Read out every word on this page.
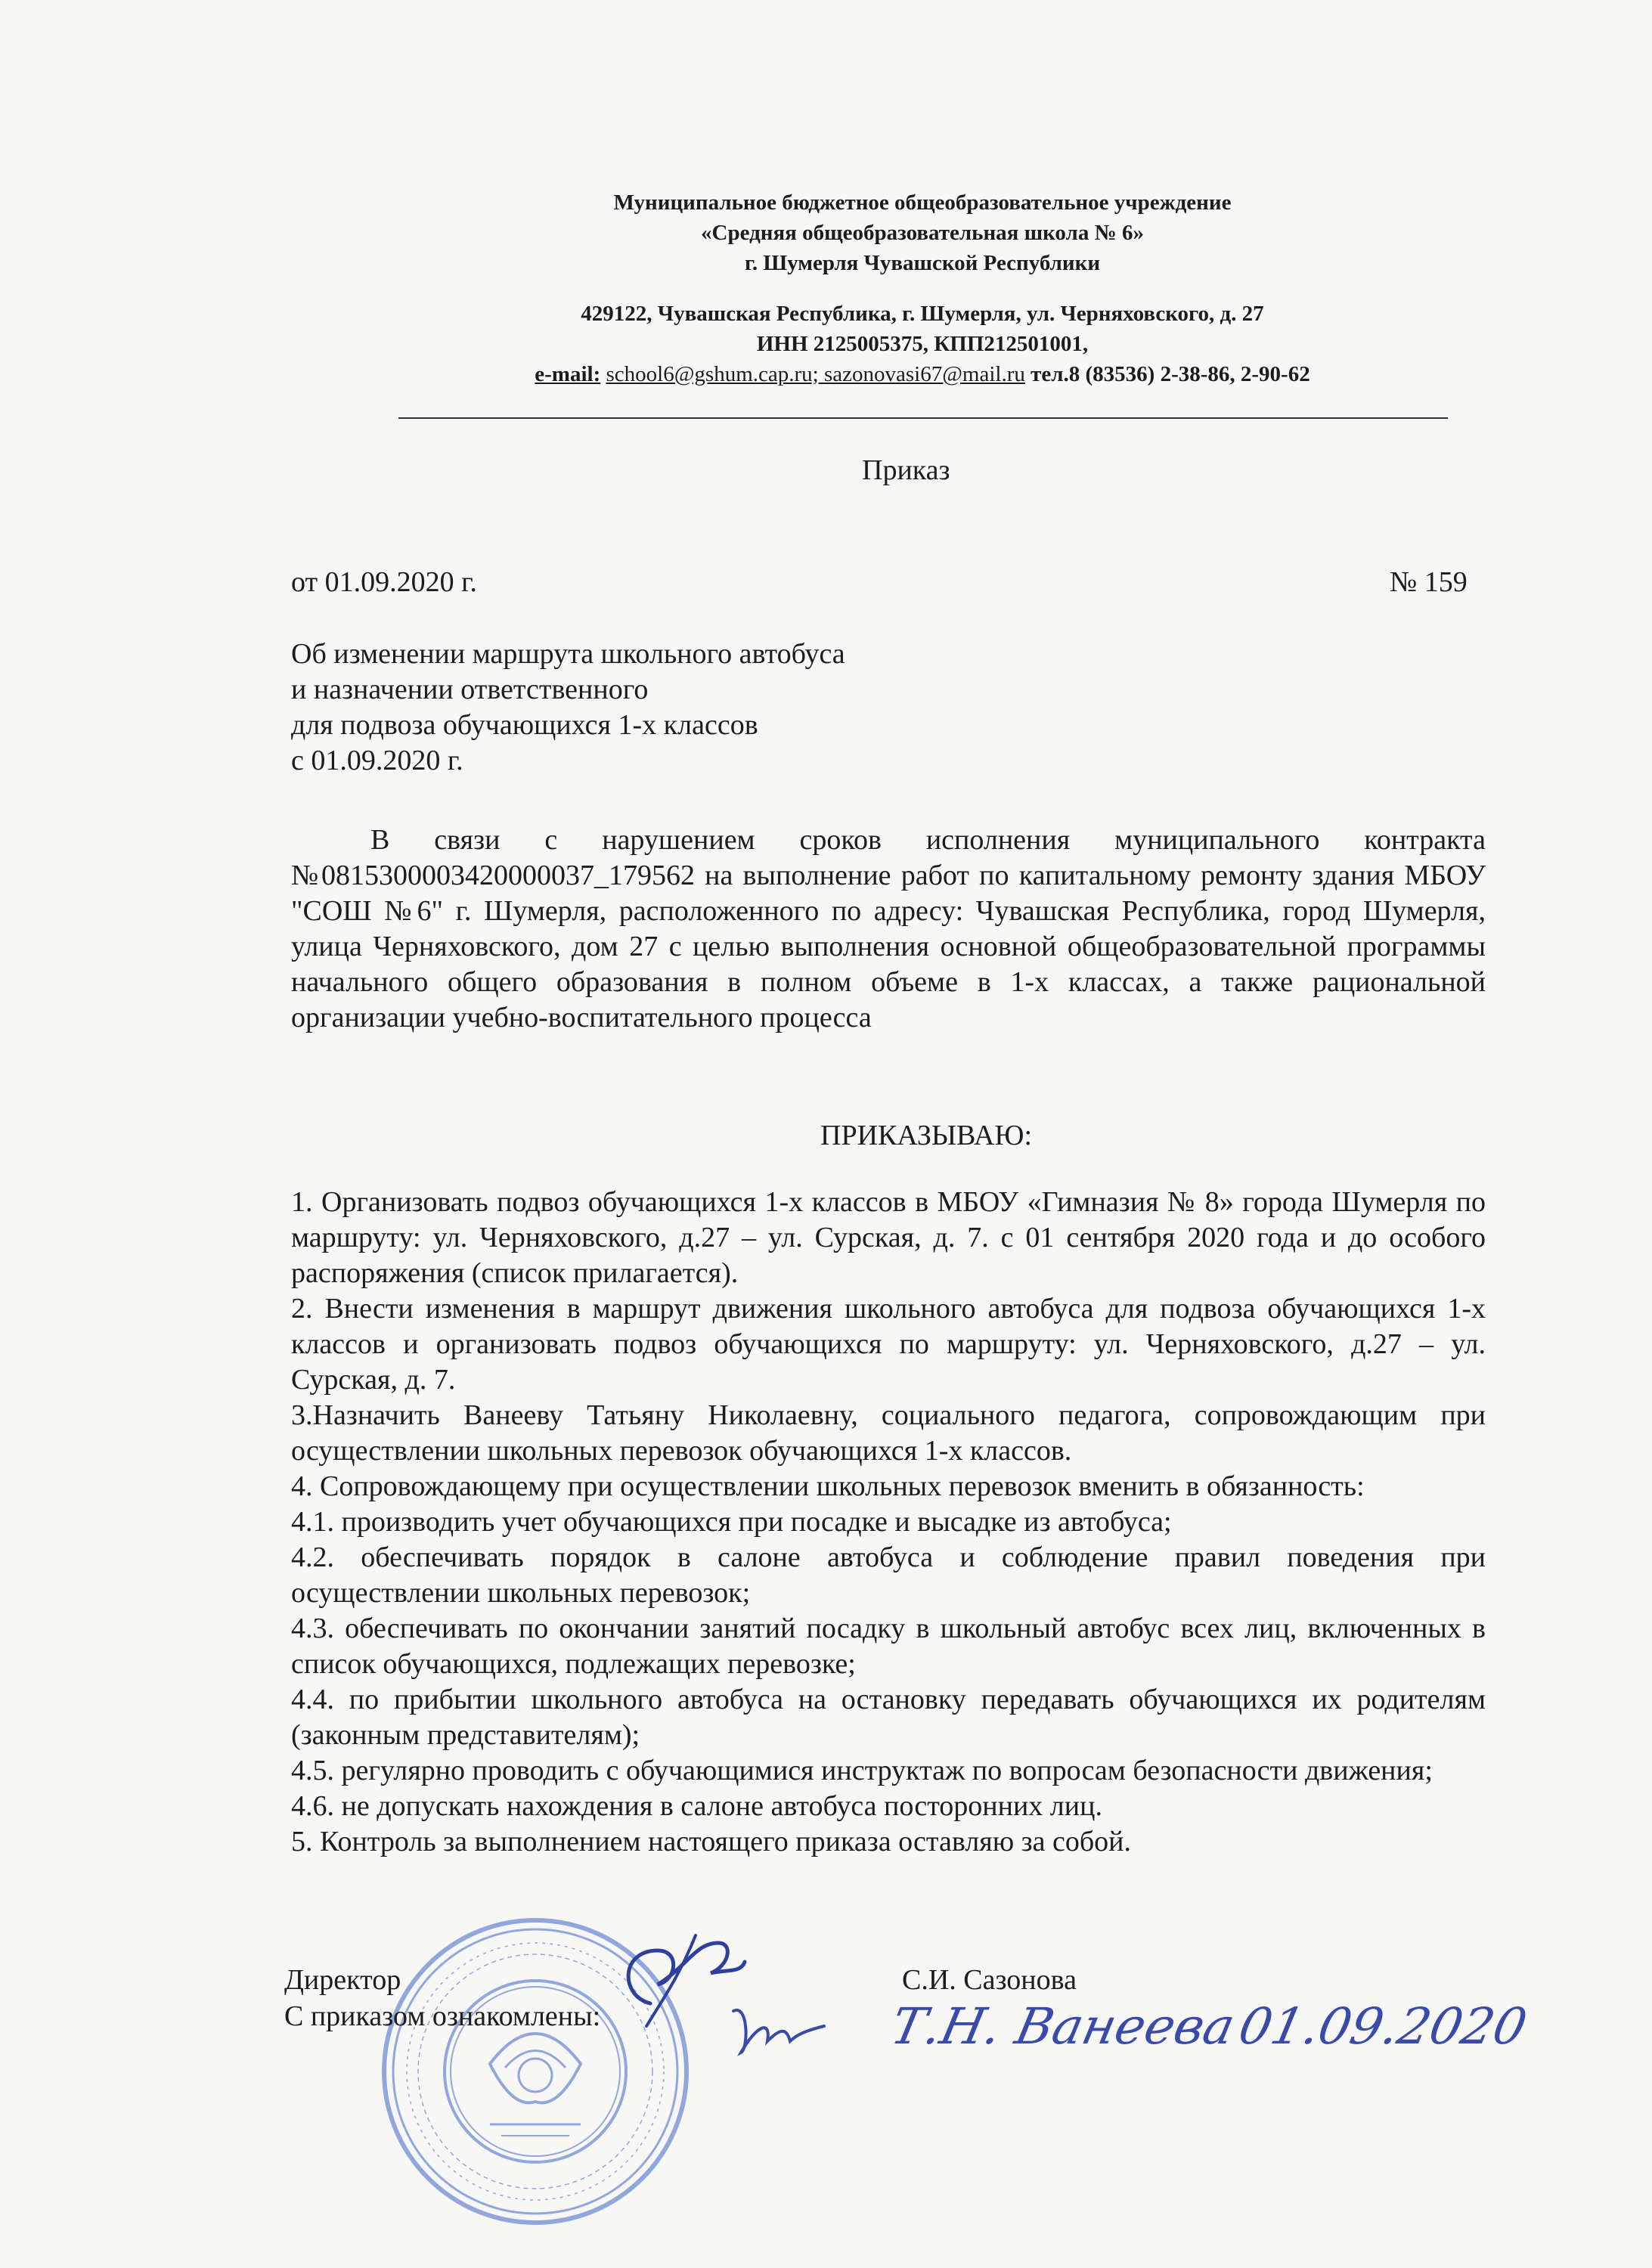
Муниципальное бюджетное общеобразовательное учреждение
«Средняя общеобразовательная школа № 6»
г. Шумерля Чувашской Республики
429122, Чувашская Республика, г. Шумерля, ул. Черняховского, д. 27
ИНН 2125005375, КПП212501001,
e-mail: school6@gshum.cap.ru; sazonovasi67@mail.ru тел.8 (83536) 2-38-86, 2-90-62
Приказ
от 01.09.2020 г.	№ 159
Об изменении маршрута школьного автобуса
и назначении ответственного
для подвоза обучающихся 1-х классов
с 01.09.2020 г.
В связи с нарушением сроков исполнения муниципального контракта №0815300003420000037_179562 на выполнение работ по капитальному ремонту здания МБОУ "СОШ №6" г. Шумерля, расположенного по адресу: Чувашская Республика, город Шумерля, улица Черняховского, дом 27 с целью выполнения основной общеобразовательной программы начального общего образования в полном объеме в 1-х классах, а также рациональной организации учебно-воспитательного процесса
ПРИКАЗЫВАЮ:

1. Организовать подвоз обучающихся 1-х классов в МБОУ «Гимназия № 8» города Шумерля по маршруту: ул. Черняховского, д.27 – ул. Сурская, д. 7. с 01 сентября 2020 года и до особого распоряжения (список прилагается).

2. Внести изменения в маршрут движения школьного автобуса для подвоза обучающихся 1-х классов и организовать подвоз обучающихся по маршруту: ул. Черняховского, д.27 – ул. Сурская, д. 7.

3.Назначить Ванееву Татьяну Николаевну, социального педагога, сопровождающим при осуществлении школьных перевозок обучающихся 1-х классов.

4. Сопровождающему при осуществлении школьных перевозок вменить в обязанность:

4.1. производить учет обучающихся при посадке и высадке из автобуса;

4.2. обеспечивать порядок в салоне автобуса и соблюдение правил поведения при осуществлении школьных перевозок;

4.3. обеспечивать по окончании занятий посадку в школьный автобус всех лиц, включенных в список обучающихся, подлежащих перевозке;

4.4. по прибытии школьного автобуса на остановку передавать обучающихся их родителям (законным представителям);

4.5. регулярно проводить с обучающимися инструктаж по вопросам безопасности движения;

4.6. не допускать нахождения в салоне автобуса посторонних лиц.

5. Контроль за выполнением настоящего приказа оставляю за собой.

Директор	С.И. Сазонова
С приказом ознакомлены:	Т.Н. Ванеева
01.09.2020
